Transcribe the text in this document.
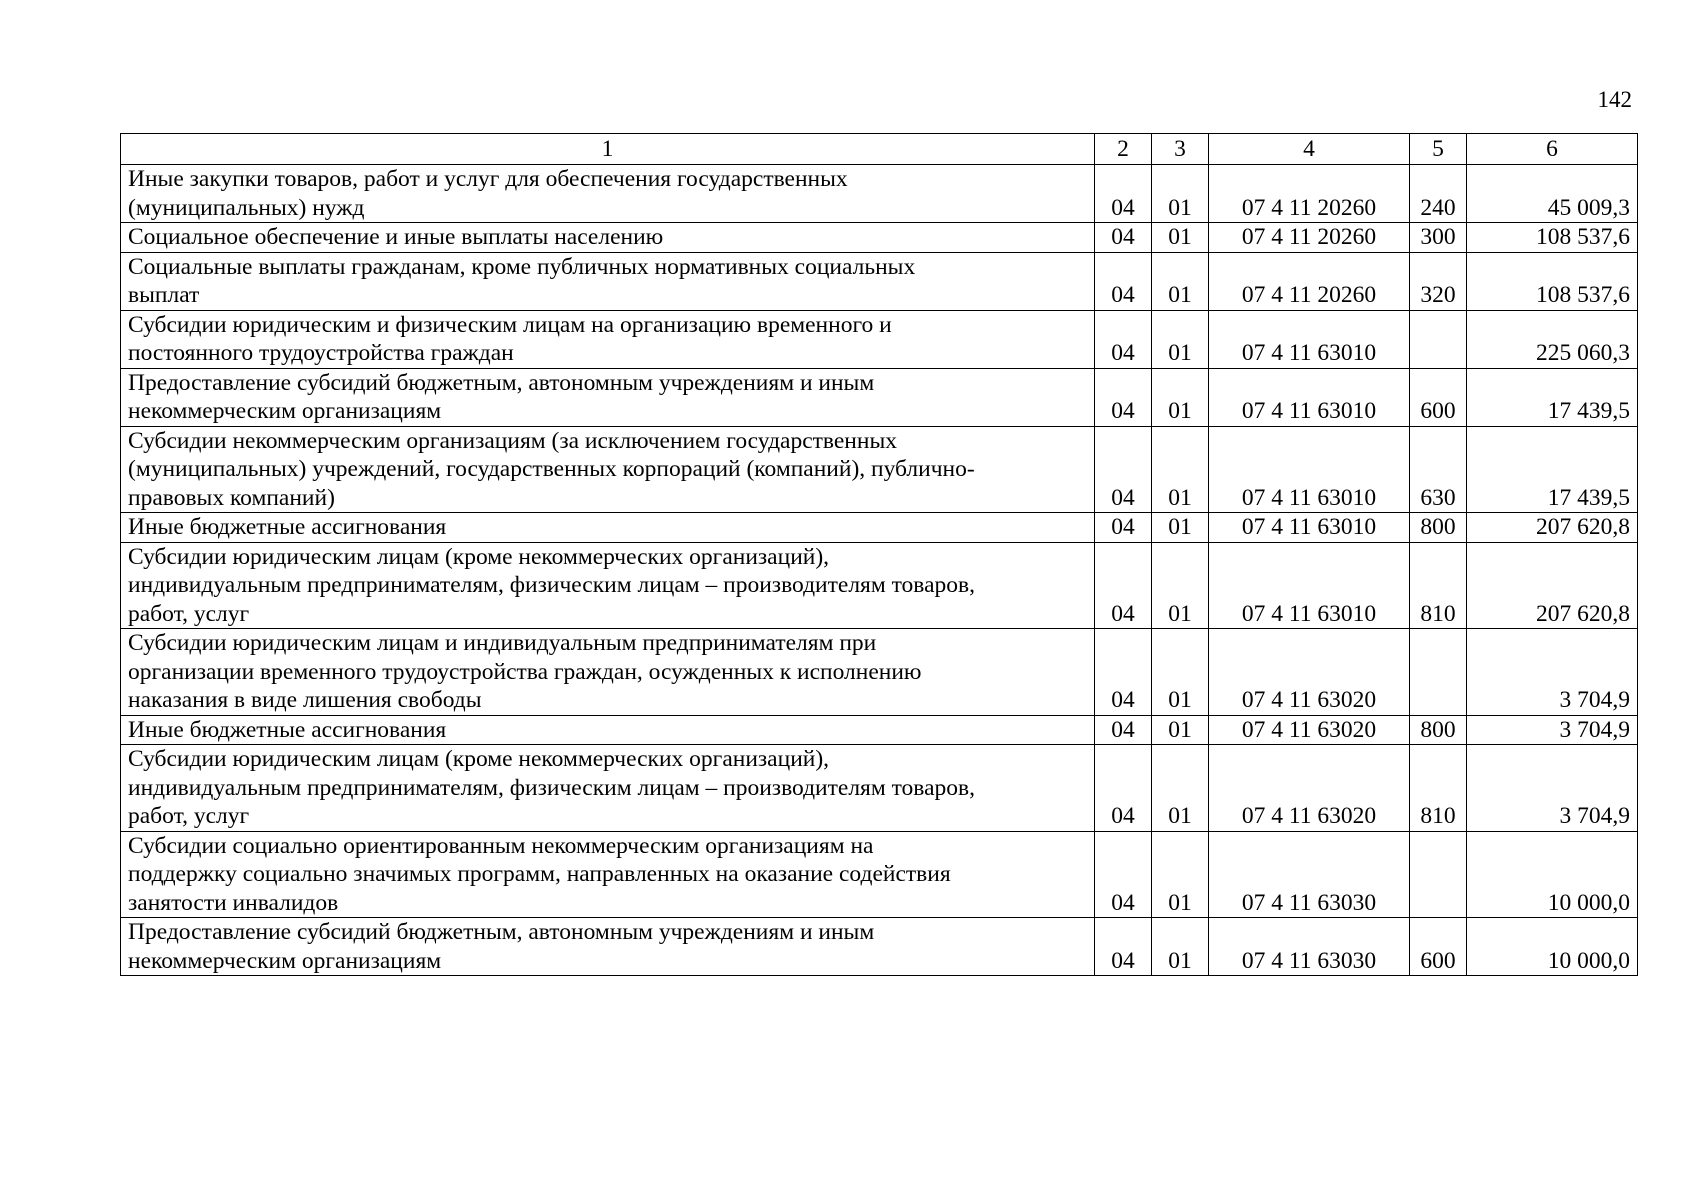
142
1	2	3	4	5	6
Иные закупки товаров, работ и услуг для обеспечения государственных
(муниципальных) нужд	04	01	07 4 11 20260	240	45 009,3
Социальное обеспечение и иные выплаты населению	04	01	07 4 11 20260	300	108 537,6
Социальные выплаты гражданам, кроме публичных нормативных социальных
выплат	04	01	07 4 11 20260	320	108 537,6
Субсидии юридическим и физическим лицам на организацию временного и
постоянного трудоустройства граждан	04	01	07 4 11 63010		225 060,3
Предоставление субсидий бюджетным, автономным учреждениям и иным
некоммерческим организациям	04	01	07 4 11 63010	600	17 439,5
Субсидии некоммерческим организациям (за исключением государственных
(муниципальных) учреждений, государственных корпораций (компаний), публично-
правовых компаний)	04	01	07 4 11 63010	630	17 439,5
Иные бюджетные ассигнования	04	01	07 4 11 63010	800	207 620,8
Субсидии юридическим лицам (кроме некоммерческих организаций),
индивидуальным предпринимателям, физическим лицам – производителям товаров,
работ, услуг	04	01	07 4 11 63010	810	207 620,8
Субсидии юридическим лицам и индивидуальным предпринимателям при
организации временного трудоустройства граждан, осужденных к исполнению
наказания в виде лишения свободы	04	01	07 4 11 63020		3 704,9
Иные бюджетные ассигнования	04	01	07 4 11 63020	800	3 704,9
Субсидии юридическим лицам (кроме некоммерческих организаций),
индивидуальным предпринимателям, физическим лицам – производителям товаров,
работ, услуг	04	01	07 4 11 63020	810	3 704,9
Субсидии социально ориентированным некоммерческим организациям на
поддержку социально значимых программ, направленных на оказание содействия
занятости инвалидов	04	01	07 4 11 63030		10 000,0
Предоставление субсидий бюджетным, автономным учреждениям и иным
некоммерческим организациям	04	01	07 4 11 63030	600	10 000,0
